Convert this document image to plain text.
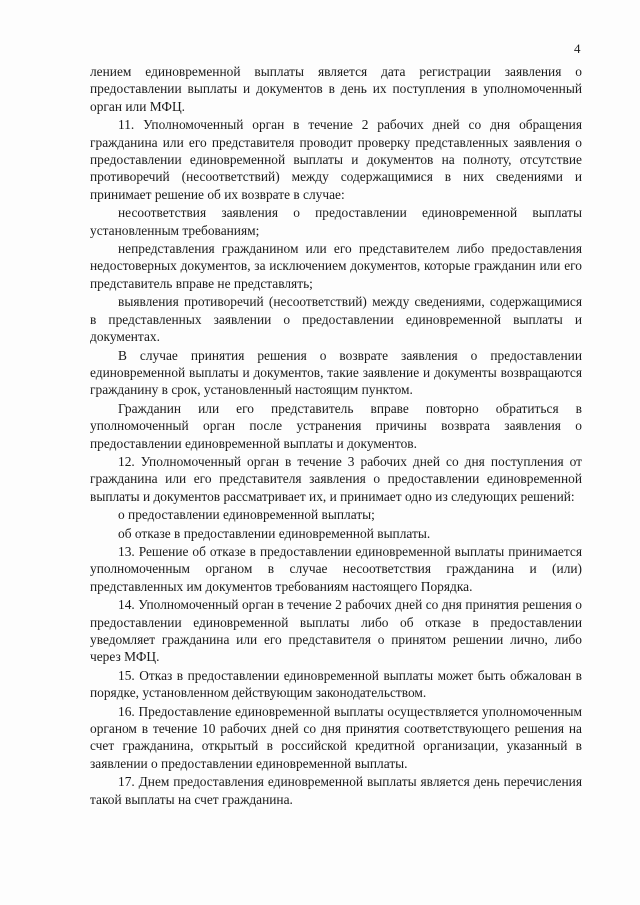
4

лением единовременной выплаты является дата регистрации заявления о предоставлении выплаты и документов в день их поступления в уполномоченный орган или МФЦ.

11. Уполномоченный орган в течение 2 рабочих дней со дня обращения гражданина или его представителя проводит проверку представленных заявления о предоставлении единовременной выплаты и документов на полноту, отсутствие противоречий (несоответствий) между содержащимися в них сведениями и принимает решение об их возврате в случае:

несоответствия заявления о предоставлении единовременной выплаты установленным требованиям;

непредставления гражданином или его представителем либо предоставления недостоверных документов, за исключением документов, которые гражданин или его представитель вправе не представлять;

выявления противоречий (несоответствий) между сведениями, содержащимися в представленных заявлении о предоставлении единовременной выплаты и документах.

В случае принятия решения о возврате заявления о предоставлении единовременной выплаты и документов, такие заявление и документы возвращаются гражданину в срок, установленный настоящим пунктом.

Гражданин или его представитель вправе повторно обратиться в уполномоченный орган после устранения причины возврата заявления о предоставлении единовременной выплаты и документов.

12. Уполномоченный орган в течение 3 рабочих дней со дня поступления от гражданина или его представителя заявления о предоставлении единовременной выплаты и документов рассматривает их, и принимает одно из следующих решений:

о предоставлении единовременной выплаты;

об отказе в предоставлении единовременной выплаты.

13. Решение об отказе в предоставлении единовременной выплаты принимается уполномоченным органом в случае несоответствия гражданина и (или) представленных им документов требованиям настоящего Порядка.

14. Уполномоченный орган в течение 2 рабочих дней со дня принятия решения о предоставлении единовременной выплаты либо об отказе в предоставлении уведомляет гражданина или его представителя о принятом решении лично, либо через МФЦ.

15. Отказ в предоставлении единовременной выплаты может быть обжалован в порядке, установленном действующим законодательством.

16. Предоставление единовременной выплаты осуществляется уполномоченным органом в течение 10 рабочих дней со дня принятия соответствующего решения на счет гражданина, открытый в российской кредитной организации, указанный в заявлении о предоставлении единовременной выплаты.

17. Днем предоставления единовременной выплаты является день перечисления такой выплаты на счет гражданина.
